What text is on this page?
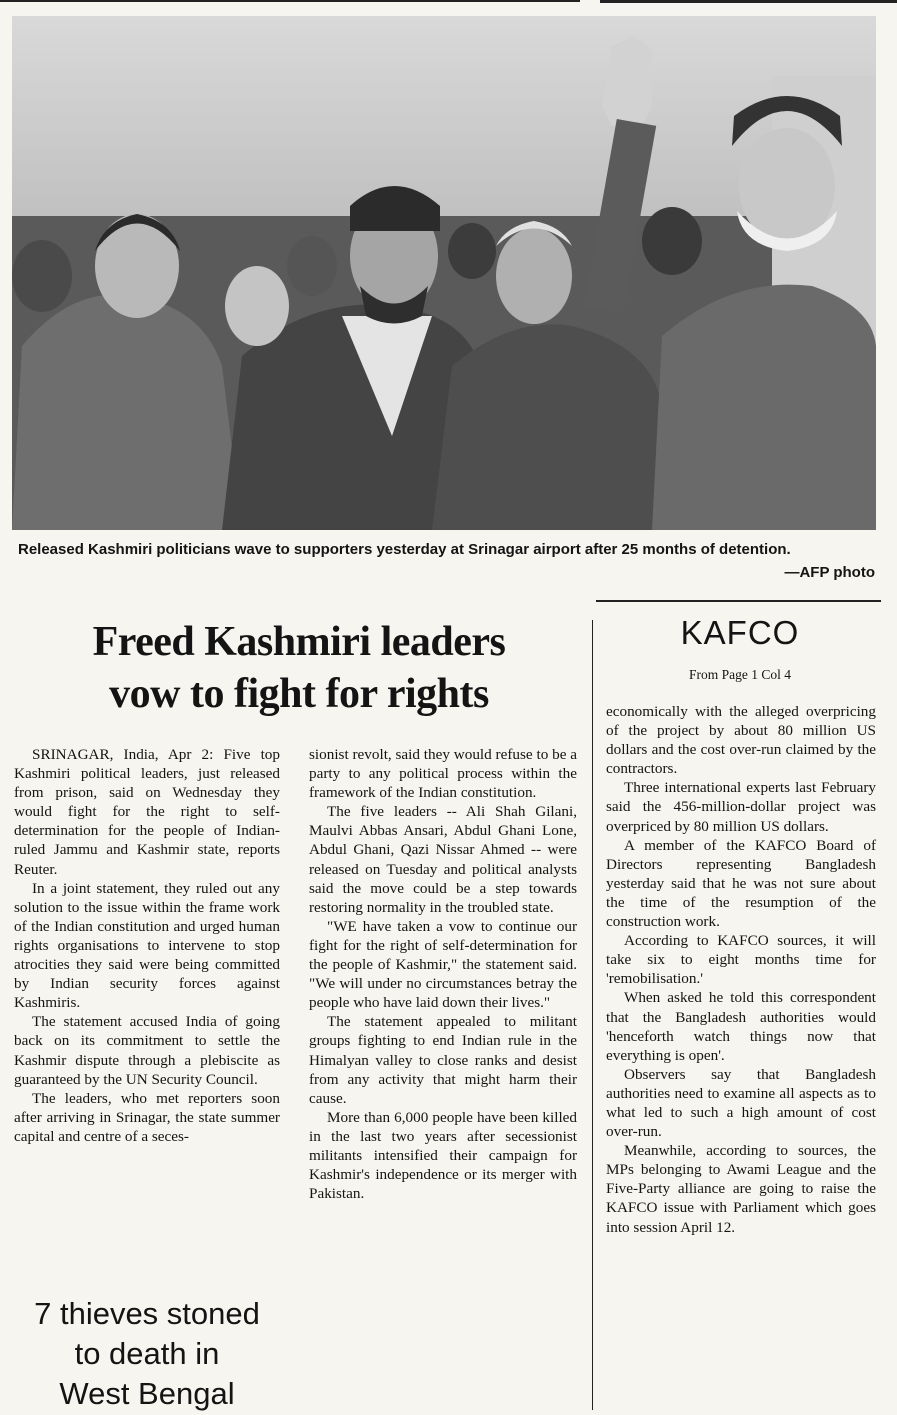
Released Kashmiri politicians wave to supporters yesterday at Srinagar airport after 25 months of detention.
—AFP photo
Freed Kashmiri leaders
vow to fight for rights

SRINAGAR, India, Apr 2: Five top Kashmiri political leaders, just released from prison, said on Wednesday they would fight for the right to self-determination for the people of Indian-ruled Jammu and Kashmir state, reports Reuter.

In a joint statement, they ruled out any solution to the issue within the frame work of the Indian constitution and urged human rights organisations to intervene to stop atrocities they said were being committed by Indian security forces against Kashmiris.

The statement accused India of going back on its commitment to settle the Kashmir dispute through a plebiscite as guaranteed by the UN Security Council.

The leaders, who met reporters soon after arriving in Srinagar, the state summer capital and centre of a seces-

sionist revolt, said they would refuse to be a party to any political process within the framework of the Indian constitution.

The five leaders -- Ali Shah Gilani, Maulvi Abbas Ansari, Abdul Ghani Lone, Abdul Ghani, Qazi Nissar Ahmed -- were released on Tuesday and political analysts said the move could be a step towards restoring normality in the troubled state.

"WE have taken a vow to continue our fight for the right of self-determination for the people of Kashmir," the statement said. "We will under no circumstances betray the people who have laid down their lives."

The statement appealed to militant groups fighting to end Indian rule in the Himalyan valley to close ranks and desist from any activity that might harm their cause.

More than 6,000 people have been killed in the last two years after secessionist militants intensified their campaign for Kashmir's independence or its merger with Pakistan.

KAFCO
From Page 1 Col 4

economically with the alleged overpricing of the project by about 80 million US dollars and the cost over-run claimed by the contractors.

Three international experts last February said the 456-million-dollar project was overpriced by 80 million US dollars.

A member of the KAFCO Board of Directors representing Bangladesh yesterday said that he was not sure about the time of the resumption of the construction work.

According to KAFCO sources, it will take six to eight months time for 'remobilisation.'

When asked he told this correspondent that the Bangladesh authorities would 'henceforth watch things now that everything is open'.

Observers say that Bangladesh authorities need to examine all aspects as to what led to such a high amount of cost over-run.

Meanwhile, according to sources, the MPs belonging to Awami League and the Five-Party alliance are going to raise the KAFCO issue with Parliament which goes into session April 12.

7 thieves stoned
to death in
West Bengal
